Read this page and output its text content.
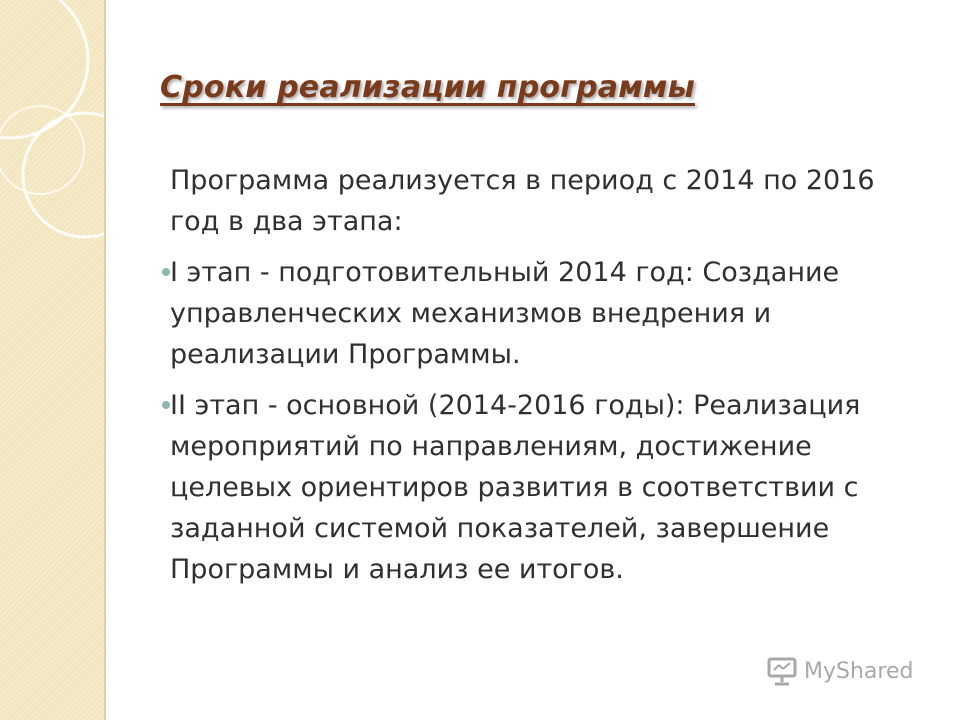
Сроки реализации программы

Программа реализуется в период с 2014 по 2016 год в два этапа:

I этап - подготовительный 2014 год: Создание управленческих механизмов внедрения и реализации Программы.
II этап - основной (2014-2016 годы): Реализация мероприятий по направлениям, достижение целевых ориентиров развития в соответствии с заданной системой показателей, завершение Программы и анализ ее итогов.
MyShared
